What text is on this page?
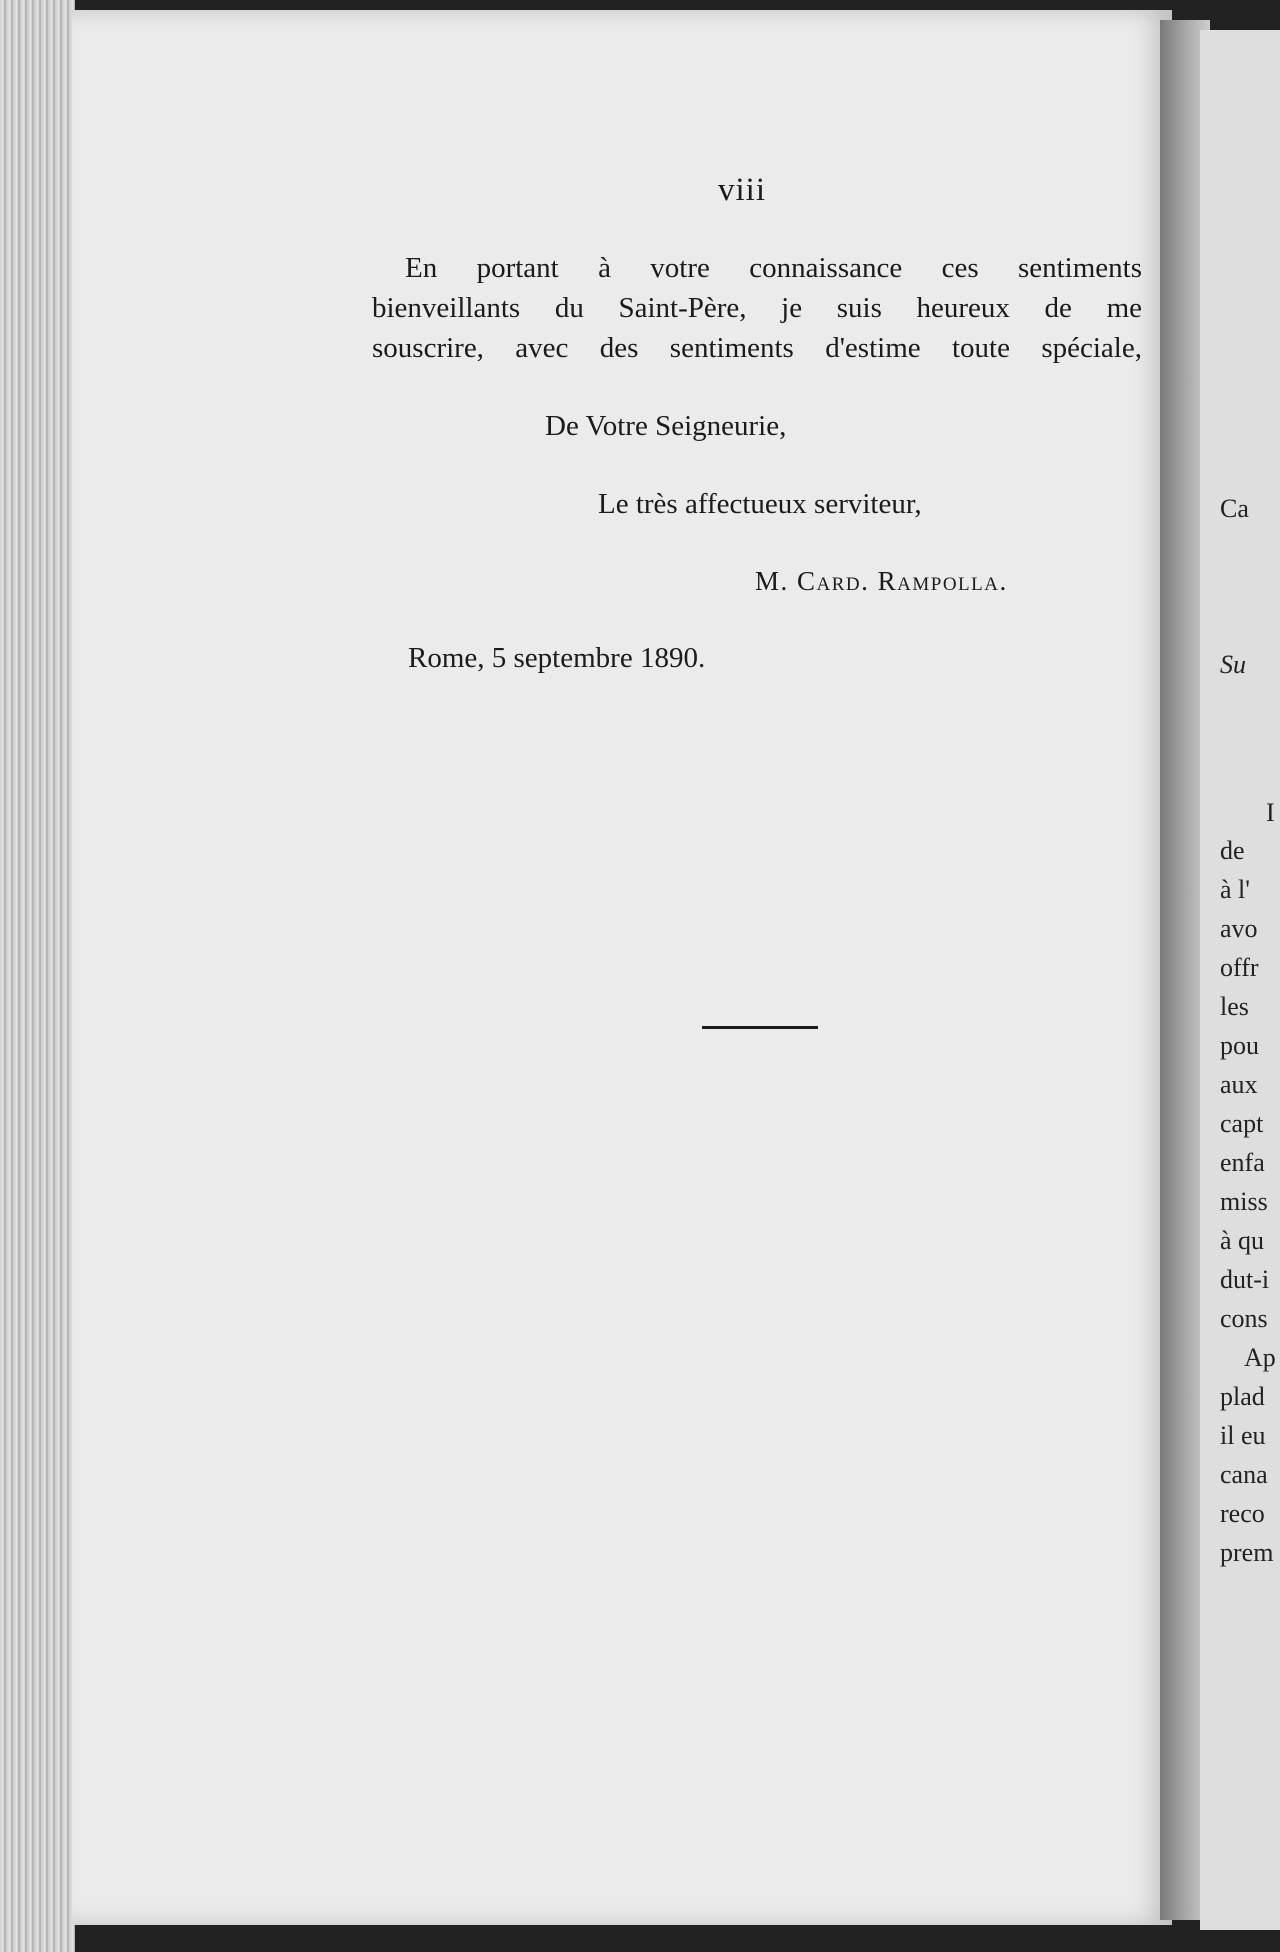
viii
En portant à votre connaissance ces sentiments
bienveillants du Saint-Père, je suis heureux de me
souscrire, avec des sentiments d'estime toute spéciale,
De Votre Seigneurie,
Le très affectueux serviteur,
M. Card. Rampolla.
Rome, 5 septembre 1890.
Ca
Su
I
de
à l'
avo
offr
les
pou
aux
capt
enfa
miss
à qu
dut-i
cons
Ap
plad
il eu
cana
reco
prem
